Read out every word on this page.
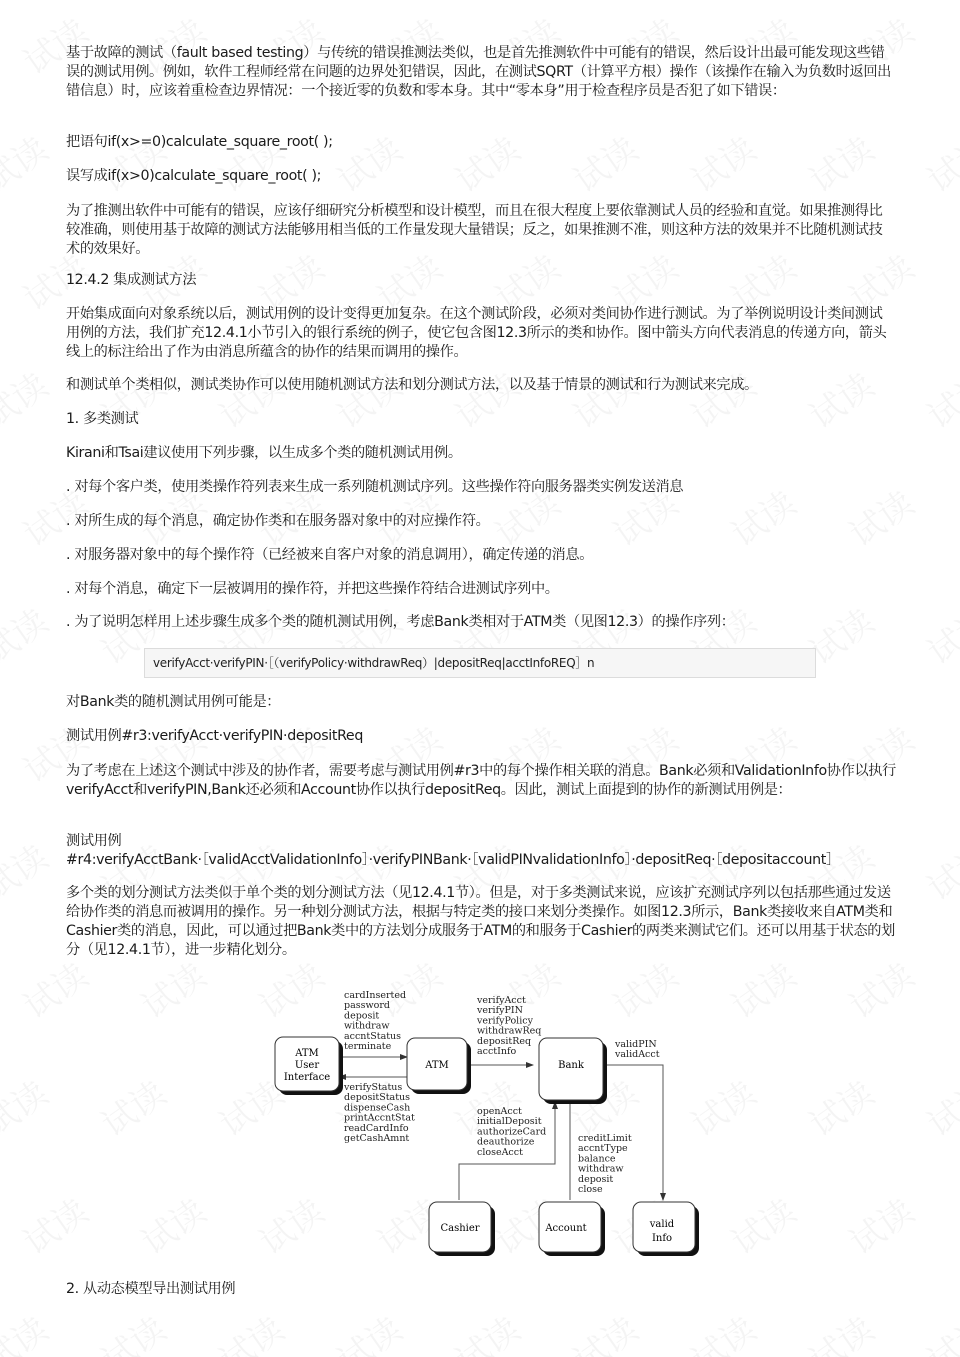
基于故障的测试（fault based testing）与传统的错误推测法类似，也是首先推测软件中可能有的错误，然后设计出最可能发现这些错误的测试用例。例如，软件工程师经常在问题的边界处犯错误，因此，在测试SQRT（计算平方根）操作（该操作在输入为负数时返回出错信息）时，应该着重检查边界情况：一个接近零的负数和零本身。其中“零本身”用于检查程序员是否犯了如下错误：

把语句if(x>=0)calculate_square_root( );

误写成if(x>0)calculate_square_root( );

为了推测出软件中可能有的错误，应该仔细研究分析模型和设计模型，而且在很大程度上要依靠测试人员的经验和直觉。如果推测得比较准确，则使用基于故障的测试方法能够用相当低的工作量发现大量错误；反之，如果推测不准，则这种方法的效果并不比随机测试技术的效果好。

12.4.2 集成测试方法

开始集成面向对象系统以后，测试用例的设计变得更加复杂。在这个测试阶段，必须对类间协作进行测试。为了举例说明设计类间测试用例的方法，我们扩充12.4.1小节引入的银行系统的例子，使它包含图12.3所示的类和协作。图中箭头方向代表消息的传递方向，箭头线上的标注给出了作为由消息所蕴含的协作的结果而调用的操作。

和测试单个类相似，测试类协作可以使用随机测试方法和划分测试方法，以及基于情景的测试和行为测试来完成。

1. 多类测试

Kirani和Tsai建议使用下列步骤，以生成多个类的随机测试用例。

. 对每个客户类，使用类操作符列表来生成一系列随机测试序列。这些操作符向服务器类实例发送消息

. 对所生成的每个消息，确定协作类和在服务器对象中的对应操作符。

. 对服务器对象中的每个操作符（已经被来自客户对象的消息调用），确定传递的消息。

. 对每个消息，确定下一层被调用的操作符，并把这些操作符结合进测试序列中。

. 为了说明怎样用上述步骤生成多个类的随机测试用例，考虑Bank类相对于ATM类（见图12.3）的操作序列：

verifyAcct·verifyPIN·［（verifyPolicy·withdrawReq）|depositReq|acctInfoREQ］n

对Bank类的随机测试用例可能是：

测试用例#r3:verifyAcct·verifyPIN·depositReq

为了考虑在上述这个测试中涉及的协作者，需要考虑与测试用例#r3中的每个操作相关联的消息。Bank必须和ValidationInfo协作以执行verifyAcct和verifyPIN,Bank还必须和Account协作以执行depositReq。因此，测试上面提到的协作的新测试用例是：

测试用例

#r4:verifyAcctBank·［validAcctValidationInfo］·verifyPINBank·［validPINvalidationInfo］·depositReq·［depositaccount］

多个类的划分测试方法类似于单个类的划分测试方法（见12.4.1节）。但是，对于多类测试来说，应该扩充测试序列以包括那些通过发送给协作类的消息而被调用的操作。另一种划分测试方法，根据与特定类的接口来划分类操作。如图12.3所示，Bank类接收来自ATM类和Cashier类的消息，因此，可以通过把Bank类中的方法划分成服务于ATM的和服务于Cashier的两类来测试它们。还可以用基于状态的划分（见12.4.1节），进一步精化划分。

2. 从动态模型导出测试用例

ATM
User
Interface
ATM	Bank
Cashier	Account	valid
Info
cardInserted
password
deposit
withdraw
accntStatus
terminate
verifyStatus
depositStatus
dispenseCash
printAccntStat
readCardInfo
getCashAmnt
verifyAcct
verifyPIN
verifyPolicy
withdrawReq
depositReq
acctInfo
openAcct
initialDeposit
authorizeCard
deauthorize
closeAcct
creditLimit
accntType
balance
withdraw
deposit
close
validPIN
validAcct
